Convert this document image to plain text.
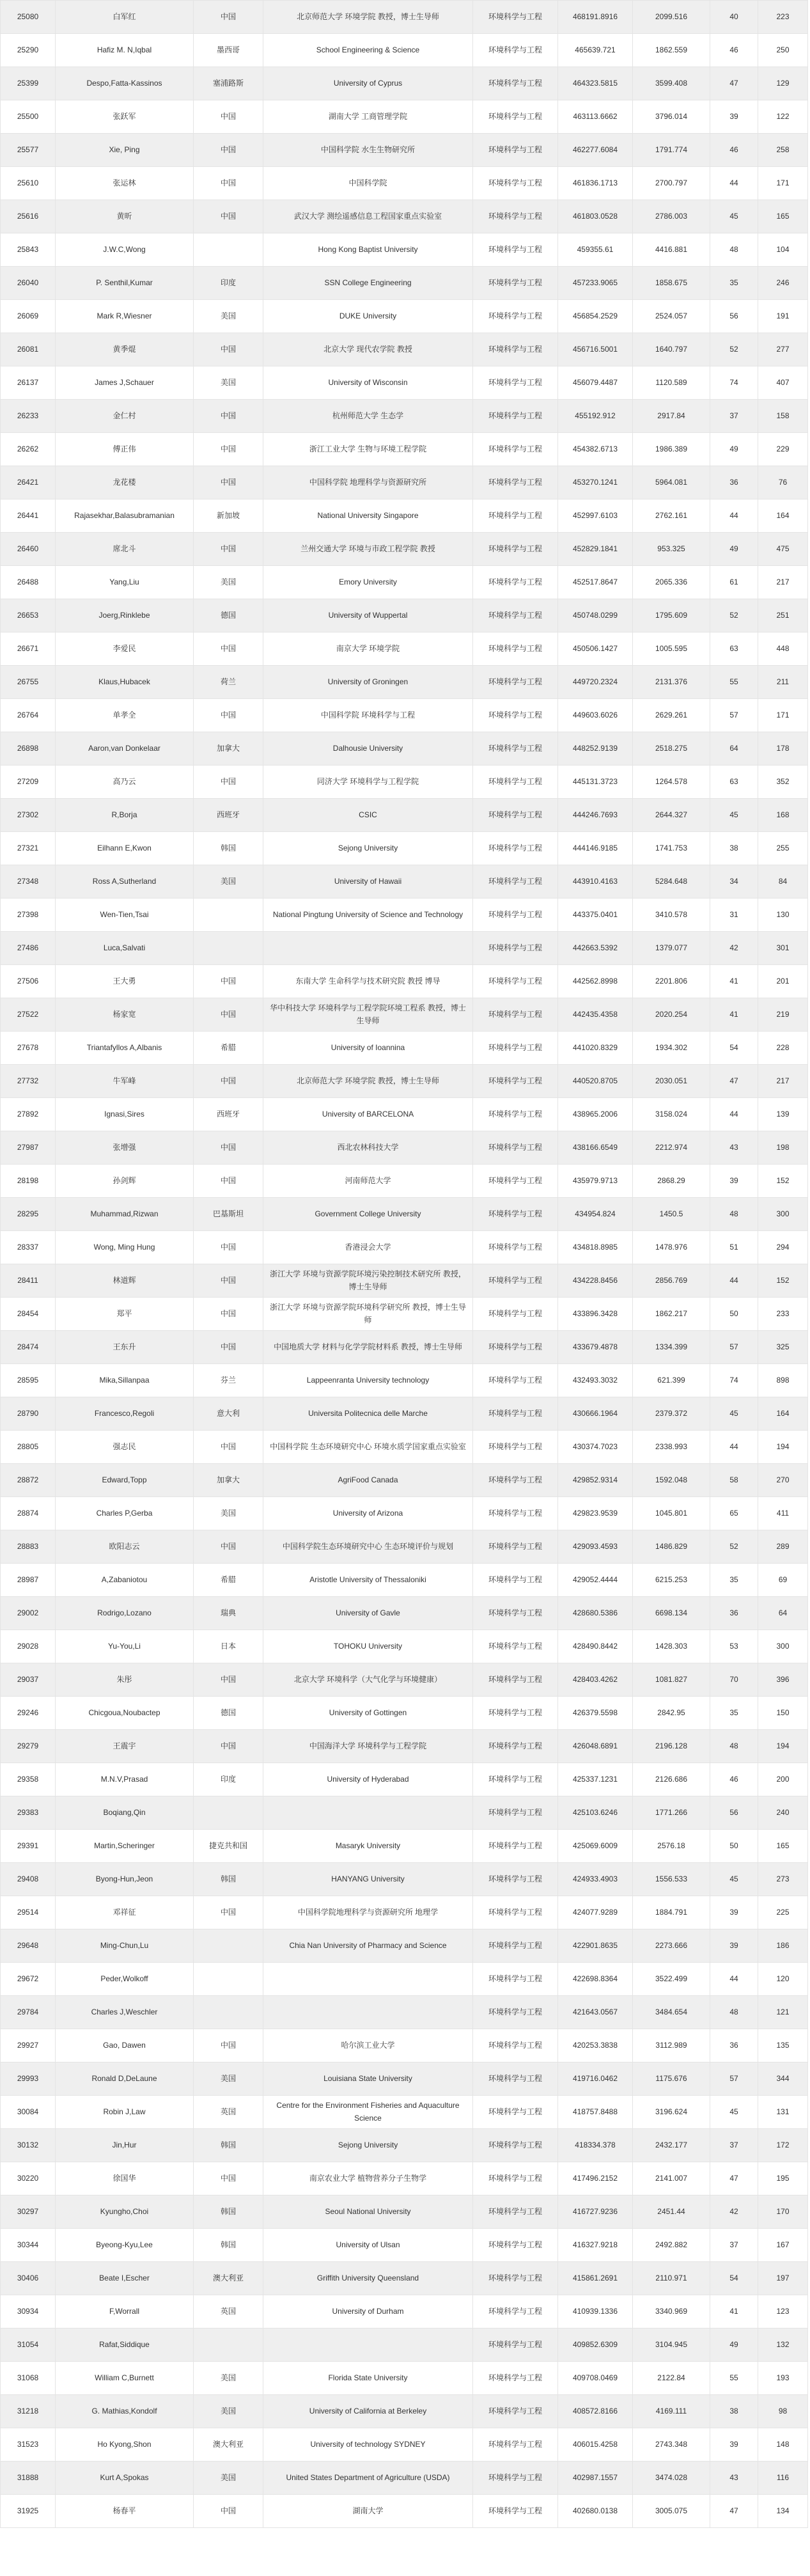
25080	白军红	中国	北京师范大学 环境学院 教授，博士生导师	环境科学与工程	468191.8916	2099.516	40	223
25290	Hafiz M. N,Iqbal	墨西哥	School Engineering & Science	环境科学与工程	465639.721	1862.559	46	250
25399	Despo,Fatta-Kassinos	塞浦路斯	University of Cyprus	环境科学与工程	464323.5815	3599.408	47	129
25500	张跃军	中国	湖南大学 工商管理学院	环境科学与工程	463113.6662	3796.014	39	122
25577	Xie, Ping	中国	中国科学院 水生生物研究所	环境科学与工程	462277.6084	1791.774	46	258
25610	张运林	中国	中国科学院	环境科学与工程	461836.1713	2700.797	44	171
25616	黄昕	中国	武汉大学 测绘遥感信息工程国家重点实验室	环境科学与工程	461803.0528	2786.003	45	165
25843	J.W.C,Wong		Hong Kong Baptist University	环境科学与工程	459355.61	4416.881	48	104
26040	P. Senthil,Kumar	印度	SSN College Engineering	环境科学与工程	457233.9065	1858.675	35	246
26069	Mark R,Wiesner	美国	DUKE University	环境科学与工程	456854.2529	2524.057	56	191
26081	黄季焜	中国	北京大学 现代农学院 教授	环境科学与工程	456716.5001	1640.797	52	277
26137	James J,Schauer	美国	University of Wisconsin	环境科学与工程	456079.4487	1120.589	74	407
26233	金仁村	中国	杭州师范大学 生态学	环境科学与工程	455192.912	2917.84	37	158
26262	傅正伟	中国	浙江工业大学 生物与环境工程学院	环境科学与工程	454382.6713	1986.389	49	229
26421	龙花楼	中国	中国科学院 地理科学与资源研究所	环境科学与工程	453270.1241	5964.081	36	76
26441	Rajasekhar,Balasubramanian	新加坡	National University Singapore	环境科学与工程	452997.6103	2762.161	44	164
26460	席北斗	中国	兰州交通大学 环境与市政工程学院 教授	环境科学与工程	452829.1841	953.325	49	475
26488	Yang,Liu	美国	Emory University	环境科学与工程	452517.8647	2065.336	61	217
26653	Joerg,Rinklebe	德国	University of Wuppertal	环境科学与工程	450748.0299	1795.609	52	251
26671	李爱民	中国	南京大学 环境学院	环境科学与工程	450506.1427	1005.595	63	448
26755	Klaus,Hubacek	荷兰	University of Groningen	环境科学与工程	449720.2324	2131.376	55	211
26764	单孝全	中国	中国科学院 环境科学与工程	环境科学与工程	449603.6026	2629.261	57	171
26898	Aaron,van Donkelaar	加拿大	Dalhousie University	环境科学与工程	448252.9139	2518.275	64	178
27209	高乃云	中国	同济大学 环境科学与工程学院	环境科学与工程	445131.3723	1264.578	63	352
27302	R,Borja	西班牙	CSIC	环境科学与工程	444246.7693	2644.327	45	168
27321	Eilhann E,Kwon	韩国	Sejong University	环境科学与工程	444146.9185	1741.753	38	255
27348	Ross A,Sutherland	美国	University of Hawaii	环境科学与工程	443910.4163	5284.648	34	84
27398	Wen-Tien,Tsai		National Pingtung University of Science and Technology	环境科学与工程	443375.0401	3410.578	31	130
27486	Luca,Salvati			环境科学与工程	442663.5392	1379.077	42	301
27506	王大勇	中国	东南大学 生命科学与技术研究院 教授 博导	环境科学与工程	442562.8998	2201.806	41	201
27522	杨家宽	中国	华中科技大学 环境科学与工程学院环境工程系 教授，博士生导师	环境科学与工程	442435.4358	2020.254	41	219
27678	Triantafyllos A,Albanis	希腊	University of Ioannina	环境科学与工程	441020.8329	1934.302	54	228
27732	牛军峰	中国	北京师范大学 环境学院 教授，博士生导师	环境科学与工程	440520.8705	2030.051	47	217
27892	Ignasi,Sires	西班牙	University of BARCELONA	环境科学与工程	438965.2006	3158.024	44	139
27987	张增强	中国	西北农林科技大学	环境科学与工程	438166.6549	2212.974	43	198
28198	孙剑辉	中国	河南师范大学	环境科学与工程	435979.9713	2868.29	39	152
28295	Muhammad,Rizwan	巴基斯坦	Government College University	环境科学与工程	434954.824	1450.5	48	300
28337	Wong, Ming Hung	中国	香港浸会大学	环境科学与工程	434818.8985	1478.976	51	294
28411	林道辉	中国	浙江大学 环境与资源学院环境污染控制技术研究所 教授，博士生导师	环境科学与工程	434228.8456	2856.769	44	152
28454	郑平	中国	浙江大学 环境与资源学院环境科学研究所 教授，博士生导师	环境科学与工程	433896.3428	1862.217	50	233
28474	王东升	中国	中国地质大学 材料与化学学院材料系 教授，博士生导师	环境科学与工程	433679.4878	1334.399	57	325
28595	Mika,Sillanpaa	芬兰	Lappeenranta University technology	环境科学与工程	432493.3032	621.399	74	898
28790	Francesco,Regoli	意大利	Universita Politecnica delle Marche	环境科学与工程	430666.1964	2379.372	45	164
28805	强志民	中国	中国科学院 生态环境研究中心 环境水质学国家重点实验室	环境科学与工程	430374.7023	2338.993	44	194
28872	Edward,Topp	加拿大	AgriFood Canada	环境科学与工程	429852.9314	1592.048	58	270
28874	Charles P,Gerba	美国	University of Arizona	环境科学与工程	429823.9539	1045.801	65	411
28883	欧阳志云	中国	中国科学院生态环境研究中心 生态环境评价与规划	环境科学与工程	429093.4593	1486.829	52	289
28987	A,Zabaniotou	希腊	Aristotle University of Thessaloniki	环境科学与工程	429052.4444	6215.253	35	69
29002	Rodrigo,Lozano	瑞典	University of Gavle	环境科学与工程	428680.5386	6698.134	36	64
29028	Yu-You,Li	日本	TOHOKU University	环境科学与工程	428490.8442	1428.303	53	300
29037	朱彤	中国	北京大学 环境科学（大气化学与环境健康）	环境科学与工程	428403.4262	1081.827	70	396
29246	Chicgoua,Noubactep	德国	University of Gottingen	环境科学与工程	426379.5598	2842.95	35	150
29279	王震宇	中国	中国海洋大学 环境科学与工程学院	环境科学与工程	426048.6891	2196.128	48	194
29358	M.N.V,Prasad	印度	University of Hyderabad	环境科学与工程	425337.1231	2126.686	46	200
29383	Boqiang,Qin			环境科学与工程	425103.6246	1771.266	56	240
29391	Martin,Scheringer	捷克共和国	Masaryk University	环境科学与工程	425069.6009	2576.18	50	165
29408	Byong-Hun,Jeon	韩国	HANYANG University	环境科学与工程	424933.4903	1556.533	45	273
29514	邓祥征	中国	中国科学院地理科学与资源研究所 地理学	环境科学与工程	424077.9289	1884.791	39	225
29648	Ming-Chun,Lu		Chia Nan University of Pharmacy and Science	环境科学与工程	422901.8635	2273.666	39	186
29672	Peder,Wolkoff			环境科学与工程	422698.8364	3522.499	44	120
29784	Charles J,Weschler			环境科学与工程	421643.0567	3484.654	48	121
29927	Gao, Dawen	中国	哈尔滨工业大学	环境科学与工程	420253.3838	3112.989	36	135
29993	Ronald D,DeLaune	美国	Louisiana State University	环境科学与工程	419716.0462	1175.676	57	344
30084	Robin J,Law	英国	Centre for the Environment Fisheries and Aquaculture Science	环境科学与工程	418757.8488	3196.624	45	131
30132	Jin,Hur	韩国	Sejong University	环境科学与工程	418334.378	2432.177	37	172
30220	徐国华	中国	南京农业大学 植物营养分子生物学	环境科学与工程	417496.2152	2141.007	47	195
30297	Kyungho,Choi	韩国	Seoul National University	环境科学与工程	416727.9236	2451.44	42	170
30344	Byeong-Kyu,Lee	韩国	University of Ulsan	环境科学与工程	416327.9218	2492.882	37	167
30406	Beate I,Escher	澳大利亚	Griffith University Queensland	环境科学与工程	415861.2691	2110.971	54	197
30934	F,Worrall	英国	University of Durham	环境科学与工程	410939.1336	3340.969	41	123
31054	Rafat,Siddique			环境科学与工程	409852.6309	3104.945	49	132
31068	William C,Burnett	美国	Florida State University	环境科学与工程	409708.0469	2122.84	55	193
31218	G. Mathias,Kondolf	美国	University of California at Berkeley	环境科学与工程	408572.8166	4169.111	38	98
31523	Ho Kyong,Shon	澳大利亚	University of technology SYDNEY	环境科学与工程	406015.4258	2743.348	39	148
31888	Kurt A,Spokas	美国	United States Department of Agriculture (USDA)	环境科学与工程	402987.1557	3474.028	43	116
31925	杨春平	中国	湖南大学	环境科学与工程	402680.0138	3005.075	47	134
